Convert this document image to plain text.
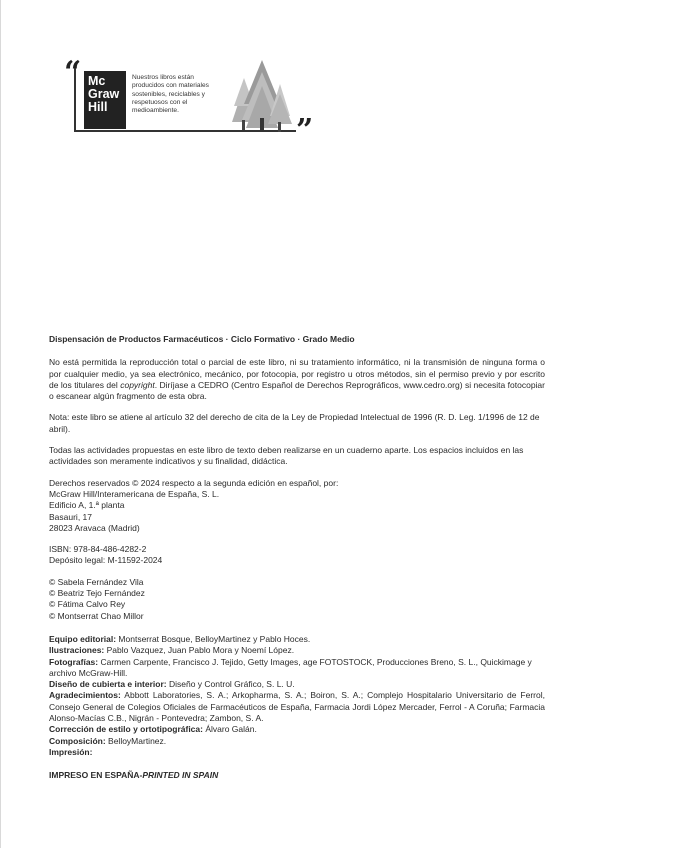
“ Mc
Graw
Hill
Nuestros libros están producidos con materiales sostenibles, reciclables y respetuosos con el medioambiente.
”

Dispensación de Productos Farmacéuticos · Ciclo Formativo · Grado Medio

No está permitida la reproducción total o parcial de este libro, ni su tratamiento informático, ni la transmisión de ninguna forma o por cualquier medio, ya sea electrónico, mecánico, por fotocopia, por registro u otros métodos, sin el permiso previo y por escrito de los titulares del copyright. Diríjase a CEDRO (Centro Español de Derechos Reprográficos, www.cedro.org) si necesita fotocopiar o escanear algún fragmento de esta obra.

Nota: este libro se atiene al artículo 32 del derecho de cita de la Ley de Propiedad Intelectual de 1996 (R. D. Leg. 1/1996 de 12 de abril).

Todas las actividades propuestas en este libro de texto deben realizarse en un cuaderno aparte. Los espacios incluidos en las actividades son meramente indicativos y su finalidad, didáctica.

Derechos reservados © 2024 respecto a la segunda edición en español, por:

McGraw Hill/Interamericana de España, S. L.

Edificio A, 1.ª planta

Basauri, 17

28023 Aravaca (Madrid)

ISBN: 978-84-486-4282-2

Depósito legal: M-11592-2024

© Sabela Fernández Vila

© Beatriz Tejo Fernández

© Fátima Calvo Rey

© Montserrat Chao Millor

Equipo editorial: Montserrat Bosque, BelloyMartinez y Pablo Hoces.

Ilustraciones: Pablo Vazquez, Juan Pablo Mora y Noemí López.

Fotografías: Carmen Carpente, Francisco J. Tejido, Getty Images, age FOTOSTOCK, Producciones Breno, S. L., Quickimage y archivo McGraw-Hill.

Diseño de cubierta e interior: Diseño y Control Gráfico, S. L. U.

Agradecimientos: Abbott Laboratories, S. A.; Arkopharma, S. A.; Boiron, S. A.; Complejo Hospitalario Universitario de Ferrol, Consejo General de Colegios Oficiales de Farmacéuticos de España, Farmacia Jordi López Mercader, Ferrol - A Coruña; Farmacia Alonso-Macías C.B., Nigrán - Pontevedra; Zambon, S. A.

Corrección de estilo y ortotipográfica: Álvaro Galán.

Composición: BelloyMartinez.

Impresión:

IMPRESO EN ESPAÑA-PRINTED IN SPAIN
